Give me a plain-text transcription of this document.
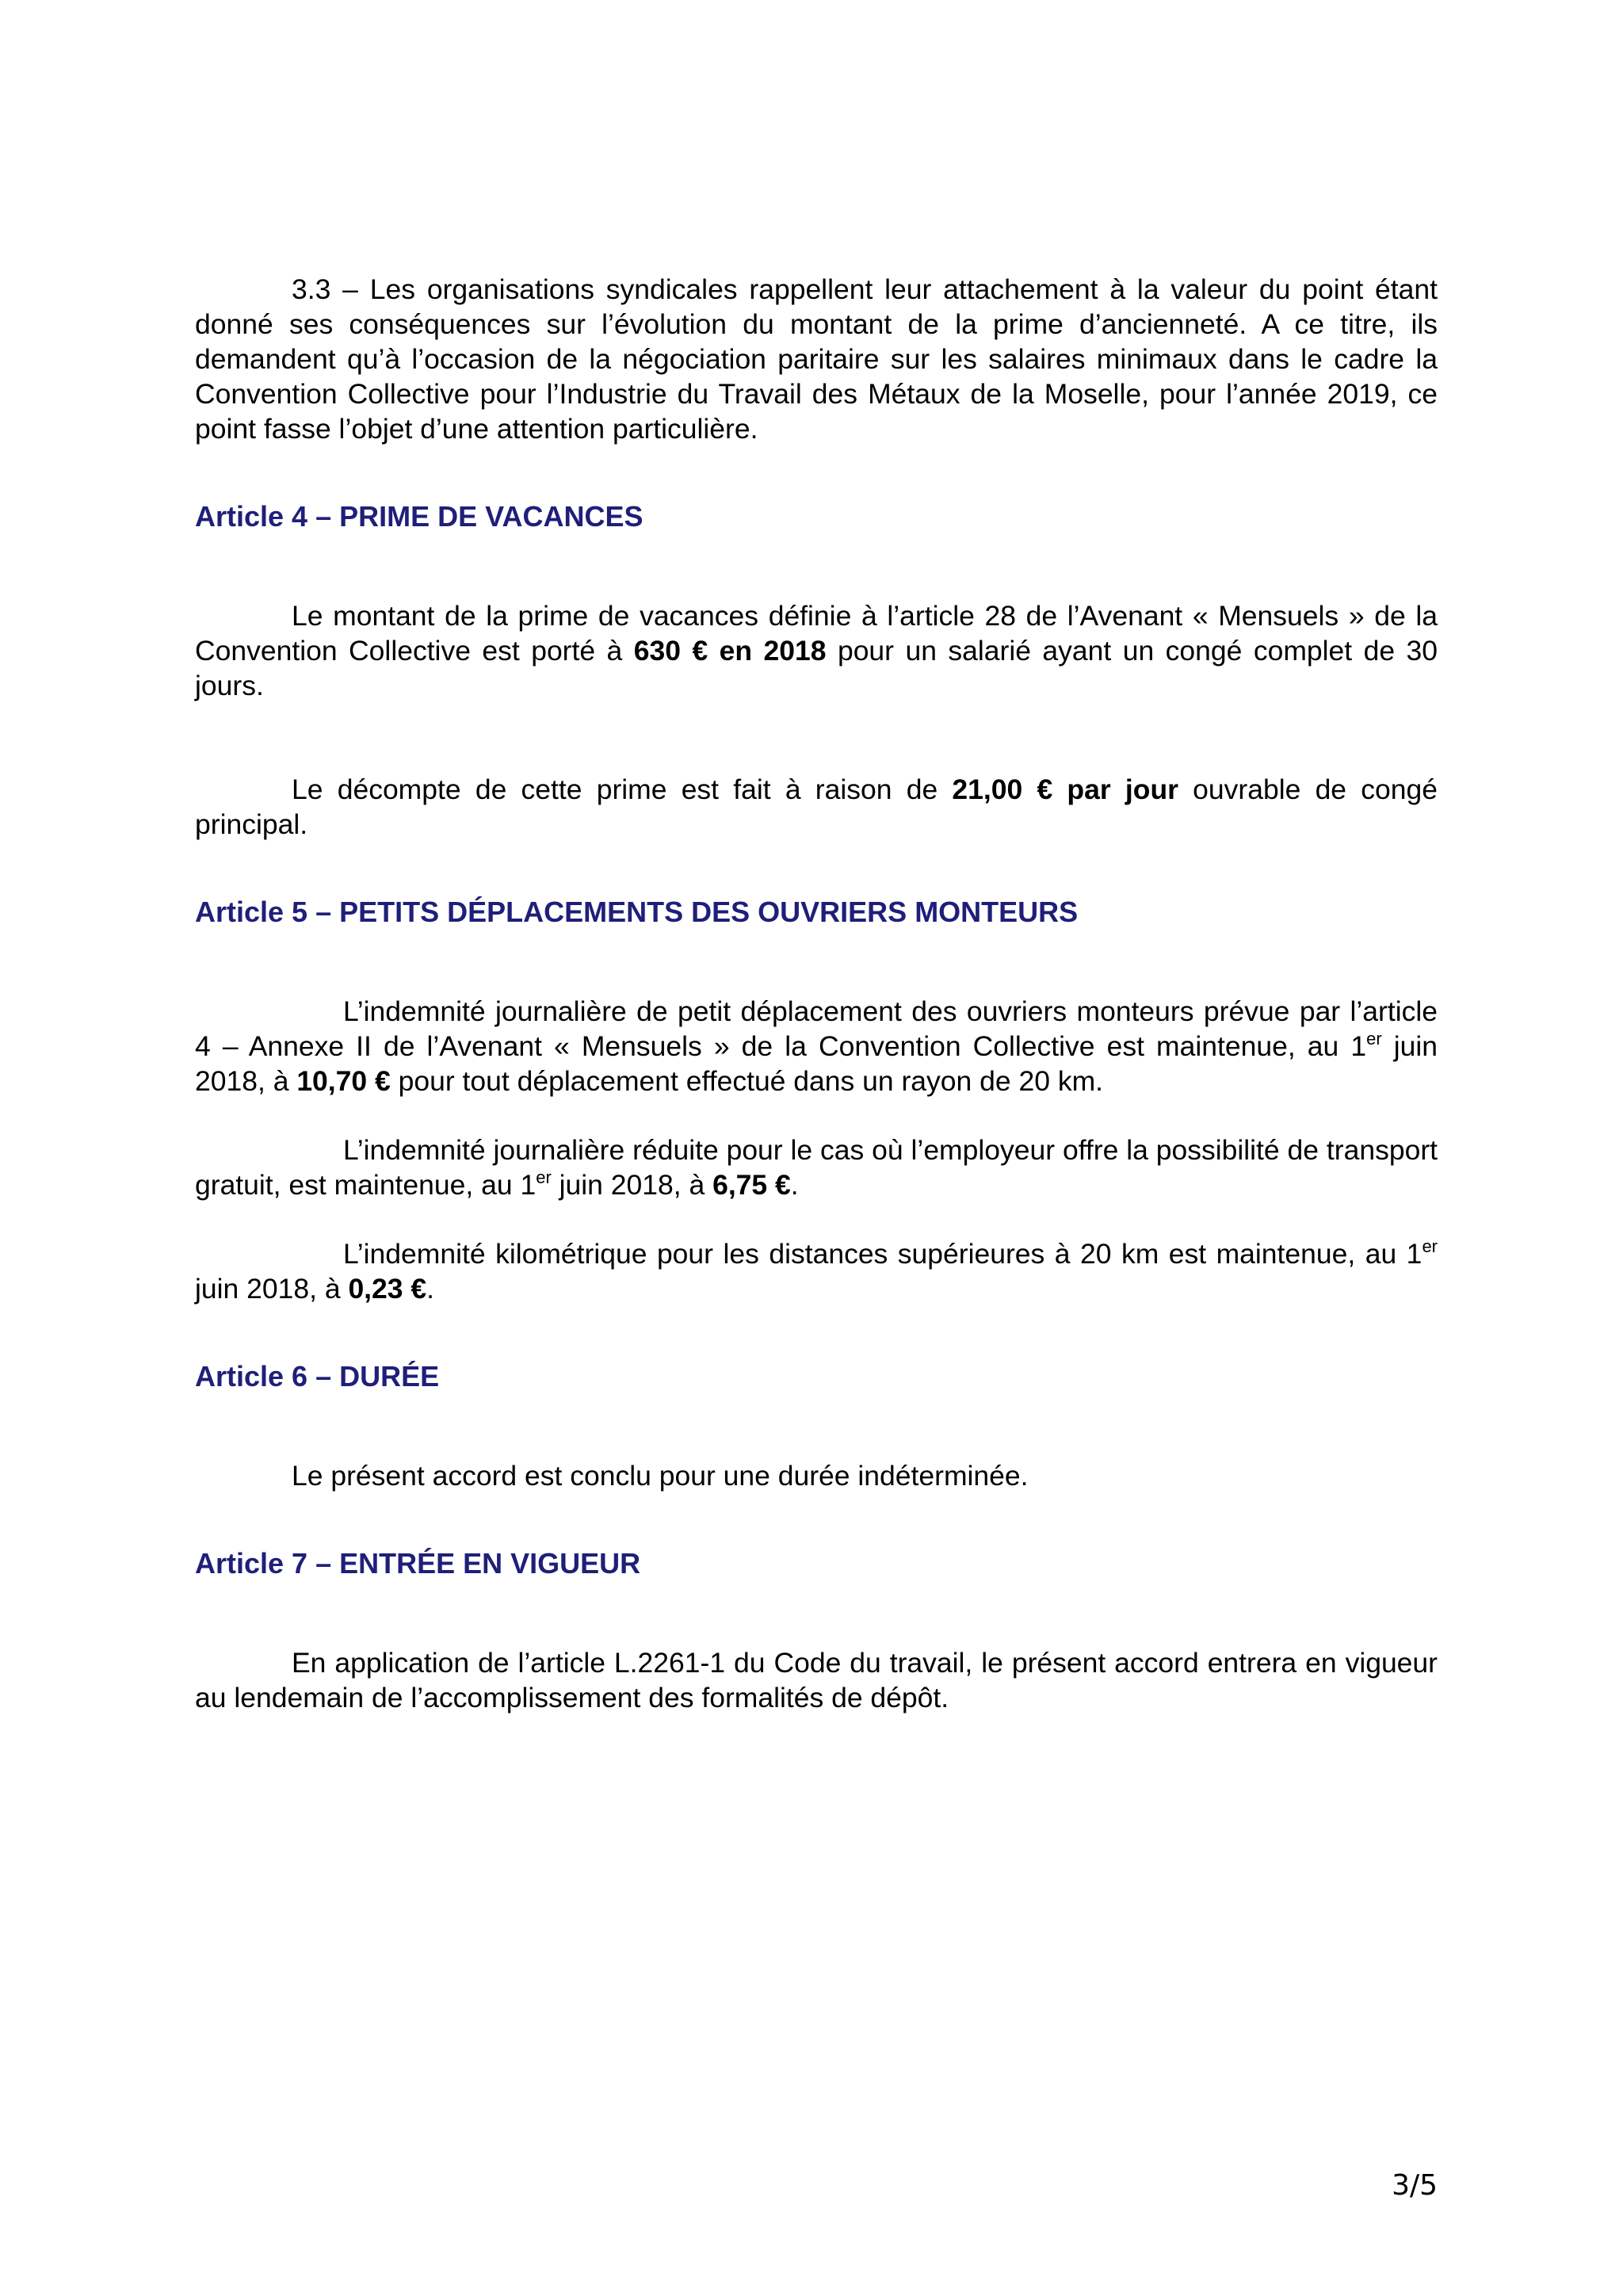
3.3 – Les organisations syndicales rappellent leur attachement à la valeur du point étant donné ses conséquences sur l’évolution du montant de la prime d’ancienneté. A ce titre, ils demandent qu’à l’occasion de la négociation paritaire sur les salaires minimaux dans le cadre la Convention Collective pour l’Industrie du Travail des Métaux de la Moselle, pour l’année 2019, ce point fasse l’objet d’une attention particulière.

Article 4 – PRIME DE VACANCES

Le montant de la prime de vacances définie à l’article 28 de l’Avenant « Mensuels » de la Convention Collective est porté à 630 € en 2018 pour un salarié ayant un congé complet de 30 jours.

Le décompte de cette prime est fait à raison de 21,00 € par jour ouvrable de congé principal.

Article 5 – PETITS DÉPLACEMENTS DES OUVRIERS MONTEURS

L’indemnité journalière de petit déplacement des ouvriers monteurs prévue par l’article 4 – Annexe II de l’Avenant « Mensuels » de la Convention Collective est maintenue, au 1er juin 2018, à 10,70 € pour tout déplacement effectué dans un rayon de 20 km.

L’indemnité journalière réduite pour le cas où l’employeur offre la possibilité de transport gratuit, est maintenue, au 1er juin 2018, à 6,75 €.

L’indemnité kilométrique pour les distances supérieures à 20 km est maintenue, au 1er juin 2018, à 0,23 €.

Article 6 – DURÉE

Le présent accord est conclu pour une durée indéterminée.

Article 7 – ENTRÉE EN VIGUEUR

En application de l’article L.2261-1 du Code du travail, le présent accord entrera en vigueur au lendemain de l’accomplissement des formalités de dépôt.

3/5
